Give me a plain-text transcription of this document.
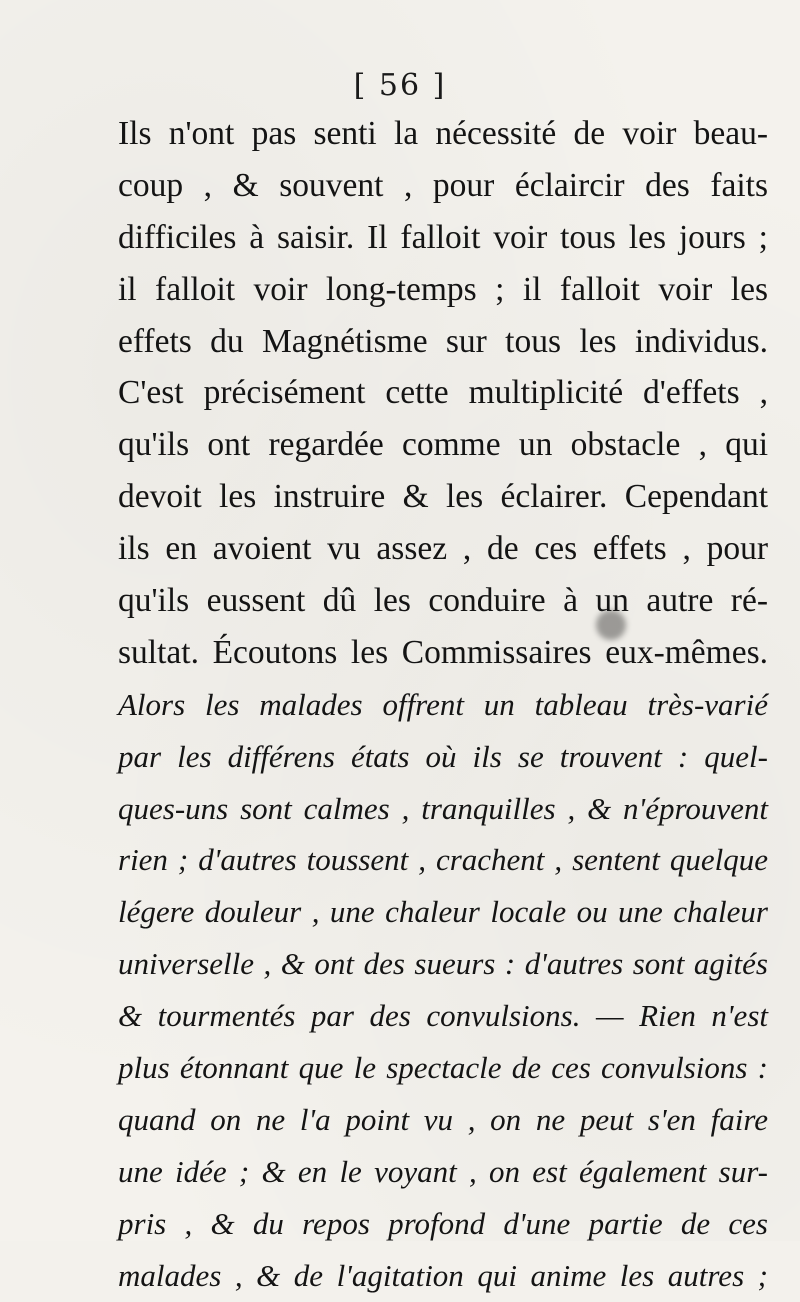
[ 56 ]
Ils n'ont pas senti la nécessité de voir beau-
coup , & souvent , pour éclaircir des faits
difficiles à saisir. Il falloit voir tous les jours ;
il falloit voir long-temps ; il falloit voir les
effets du Magnétisme sur tous les individus.
C'est précisément cette multiplicité d'effets ,
qu'ils ont regardée comme un obstacle , qui
devoit les instruire & les éclairer. Cependant
ils en avoient vu assez , de ces effets , pour
qu'ils eussent dû les conduire à un autre ré-
sultat. Écoutons les Commissaires eux-mêmes.
Alors les malades offrent un tableau très-varié
par les différens états où ils se trouvent : quel-
ques-uns sont calmes , tranquilles , & n'éprouvent
rien ; d'autres toussent , crachent , sentent quelque
légere douleur , une chaleur locale ou une chaleur
universelle , & ont des sueurs : d'autres sont agités
& tourmentés par des convulsions. — Rien n'est
plus étonnant que le spectacle de ces convulsions :
quand on ne l'a point vu , on ne peut s'en faire
une idée ; & en le voyant , on est également sur-
pris , & du repos profond d'une partie de ces
malades , & de l'agitation qui anime les autres ;
